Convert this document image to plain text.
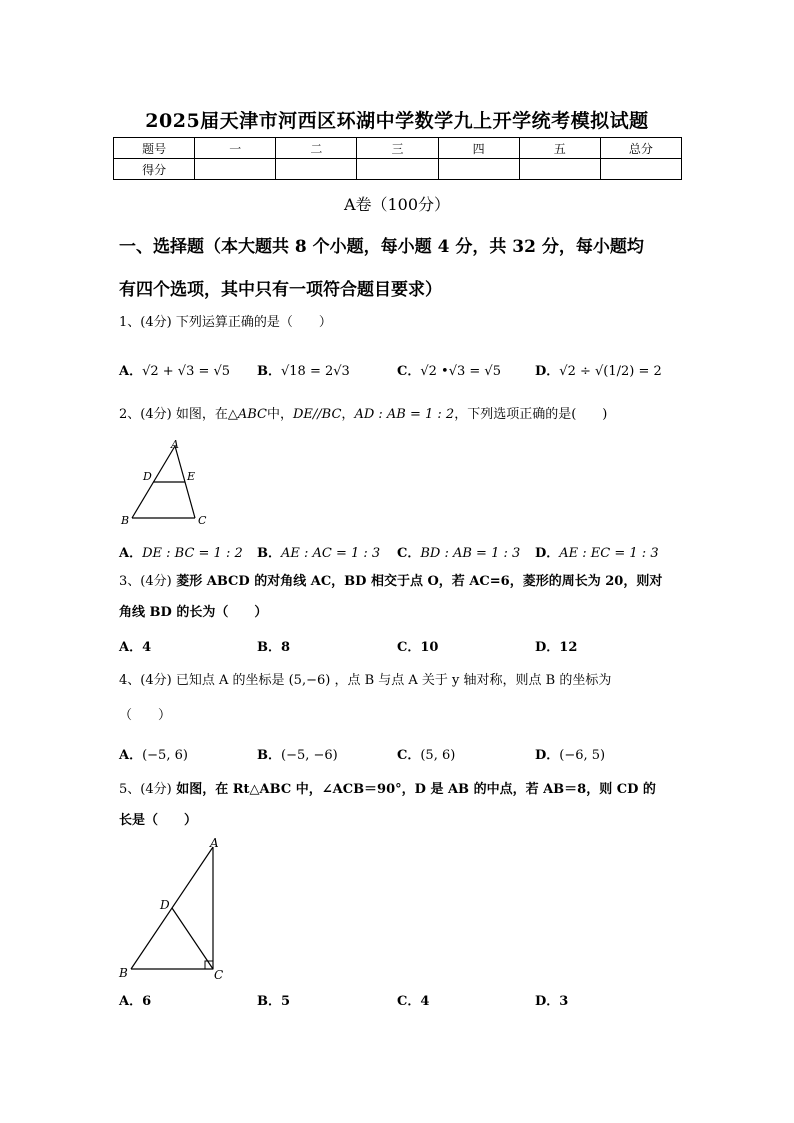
2025届天津市河西区环湖中学数学九上开学统考模拟试题
题号	一	二	三	四	五	总分
得分						
A卷（100分）
一、选择题（本大题共 8 个小题，每小题 4 分，共 32 分，每小题均
有四个选项，其中只有一项符合题目要求）
1、(4分) 下列运算正确的是（　　）
A．√2 + √3 = √5 B．√18 = 2√3	C．√2 •√3 = √5	D．√2 ÷ √(1/2) = 2
2、(4分) 如图，在△ABC中，DE//BC，AD : AB = 1 : 2，下列选项正确的是(　　)
A
D	E
B	C
A．DE : BC = 1 : 2 B．AE : AC = 1 : 3 C．BD : AB = 1 : 3 D．AE : EC = 1 : 3
3、(4分) 菱形 ABCD 的对角线 AC，BD 相交于点 O，若 AC=6，菱形的周长为 20，则对
角线 BD 的长为（　　）
A．4	B．8	C．10	D．12
4、(4分) 已知点 A 的坐标是 (5,−6) ，点 B 与点 A 关于 y 轴对称，则点 B 的坐标为
（　　）
A．(−5, 6)	B．(−5, −6)	C．(5, 6)	D．(−6, 5)
5、(4分) 如图，在 Rt△ABC 中，∠ACB＝90°，D 是 AB 的中点，若 AB＝8，则 CD 的
长是（　　）
A
D
B	C
A．6	B．5	C．4	D．3
